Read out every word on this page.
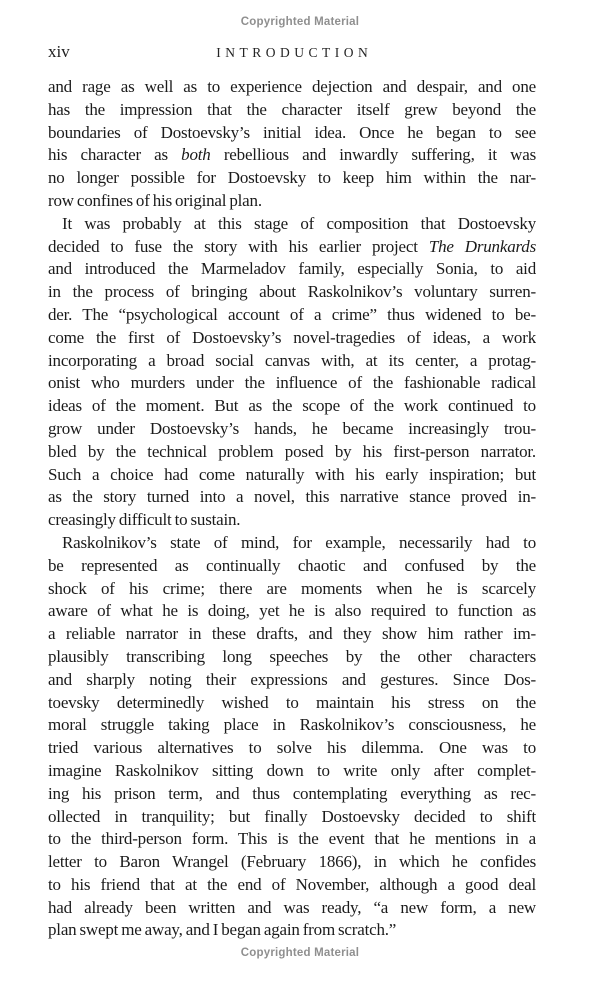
Copyrighted Material
xiv	INTRODUCTION
and rage as well as to experience dejection and despair, and one
has the impression that the character itself grew beyond the
boundaries of Dostoevsky’s initial idea. Once he began to see
his character as both rebellious and inwardly suffering, it was
no longer possible for Dostoevsky to keep him within the nar-
row confines of his original plan.
It was probably at this stage of composition that Dostoevsky
decided to fuse the story with his earlier project The Drunkards
and introduced the Marmeladov family, especially Sonia, to aid
in the process of bringing about Raskolnikov’s voluntary surren-
der. The “psychological account of a crime” thus widened to be-
come the first of Dostoevsky’s novel-tragedies of ideas, a work
incorporating a broad social canvas with, at its center, a protag-
onist who murders under the influence of the fashionable radical
ideas of the moment. But as the scope of the work continued to
grow under Dostoevsky’s hands, he became increasingly trou-
bled by the technical problem posed by his first-person narrator.
Such a choice had come naturally with his early inspiration; but
as the story turned into a novel, this narrative stance proved in-
creasingly difficult to sustain.
Raskolnikov’s state of mind, for example, necessarily had to
be represented as continually chaotic and confused by the
shock of his crime; there are moments when he is scarcely
aware of what he is doing, yet he is also required to function as
a reliable narrator in these drafts, and they show him rather im-
plausibly transcribing long speeches by the other characters
and sharply noting their expressions and gestures. Since Dos-
toevsky determinedly wished to maintain his stress on the
moral struggle taking place in Raskolnikov’s consciousness, he
tried various alternatives to solve his dilemma. One was to
imagine Raskolnikov sitting down to write only after complet-
ing his prison term, and thus contemplating everything as rec-
ollected in tranquility; but finally Dostoevsky decided to shift
to the third-person form. This is the event that he mentions in a
letter to Baron Wrangel (February 1866), in which he confides
to his friend that at the end of November, although a good deal
had already been written and was ready, “a new form, a new
plan swept me away, and I began again from scratch.”
Copyrighted Material
